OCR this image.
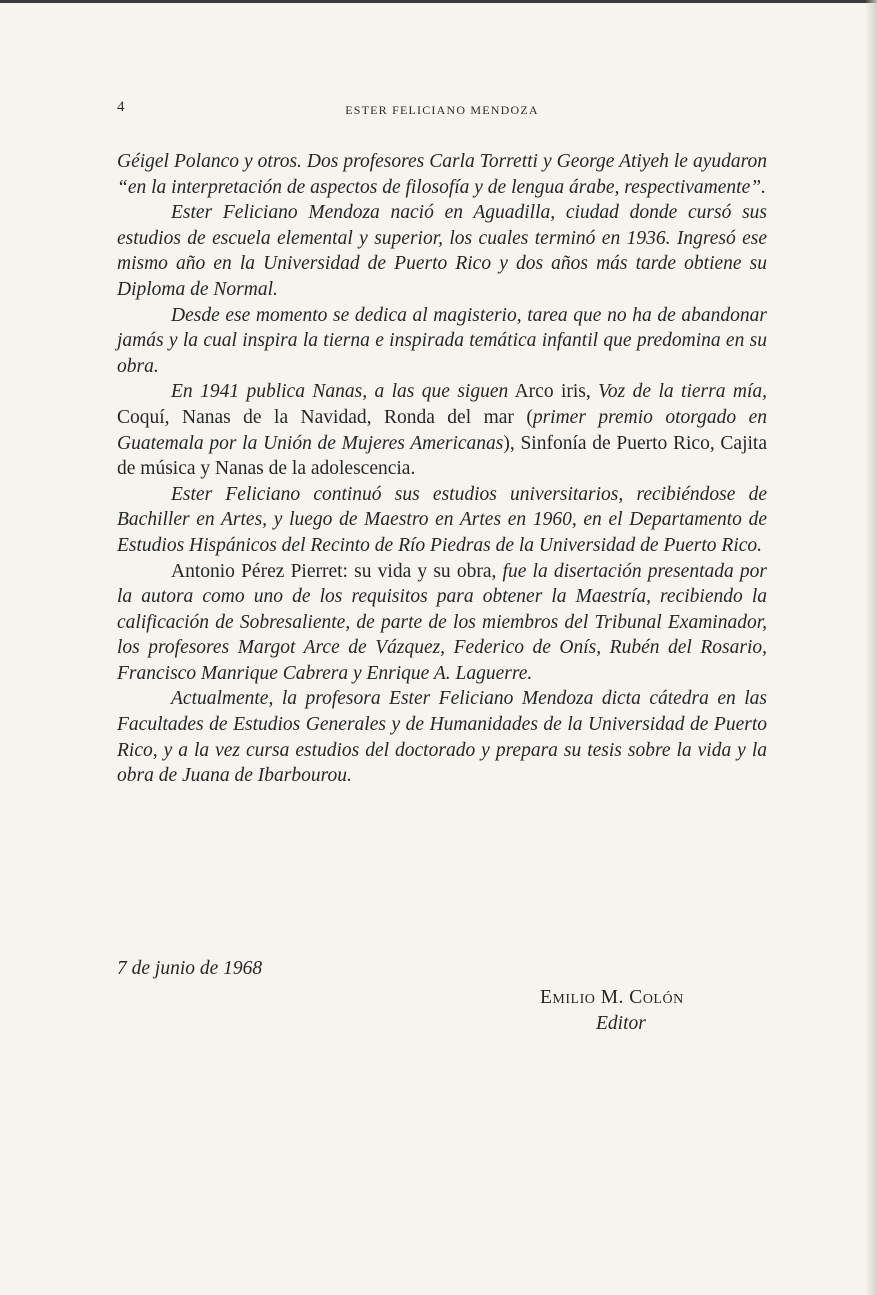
4	ESTER FELICIANO MENDOZA

Géigel Polanco y otros. Dos profesores Carla Torretti y George Atiyeh le ayudaron “en la interpretación de aspectos de filosofía y de lengua árabe, respectivamente”.

Ester Feliciano Mendoza nació en Aguadilla, ciudad donde cursó sus estudios de escuela elemental y superior, los cuales terminó en 1936. Ingresó ese mismo año en la Universidad de Puerto Rico y dos años más tarde obtiene su Diploma de Normal.

Desde ese momento se dedica al magisterio, tarea que no ha de abandonar jamás y la cual inspira la tierna e inspirada temática infantil que predomina en su obra.

En 1941 publica Nanas, a las que siguen Arco iris, Voz de la tierra mía, Coquí, Nanas de la Navidad, Ronda del mar (primer premio otorgado en Guatemala por la Unión de Mujeres Americanas), Sinfonía de Puerto Rico, Cajita de música y Nanas de la adolescencia.

Ester Feliciano continuó sus estudios universitarios, recibiéndose de Bachiller en Artes, y luego de Maestro en Artes en 1960, en el Departamento de Estudios Hispánicos del Recinto de Río Piedras de la Universidad de Puerto Rico.

Antonio Pérez Pierret: su vida y su obra, fue la disertación presentada por la autora como uno de los requisitos para obtener la Maestría, recibiendo la calificación de Sobresaliente, de parte de los miembros del Tribunal Examinador, los profesores Margot Arce de Vázquez, Federico de Onís, Rubén del Rosario, Francisco Manrique Cabrera y Enrique A. Laguerre.

Actualmente, la profesora Ester Feliciano Mendoza dicta cátedra en las Facultades de Estudios Generales y de Humanidades de la Universidad de Puerto Rico, y a la vez cursa estudios del doctorado y prepara su tesis sobre la vida y la obra de Juana de Ibarbourou.

7 de junio de 1968
Emilio M. Colón
Editor
